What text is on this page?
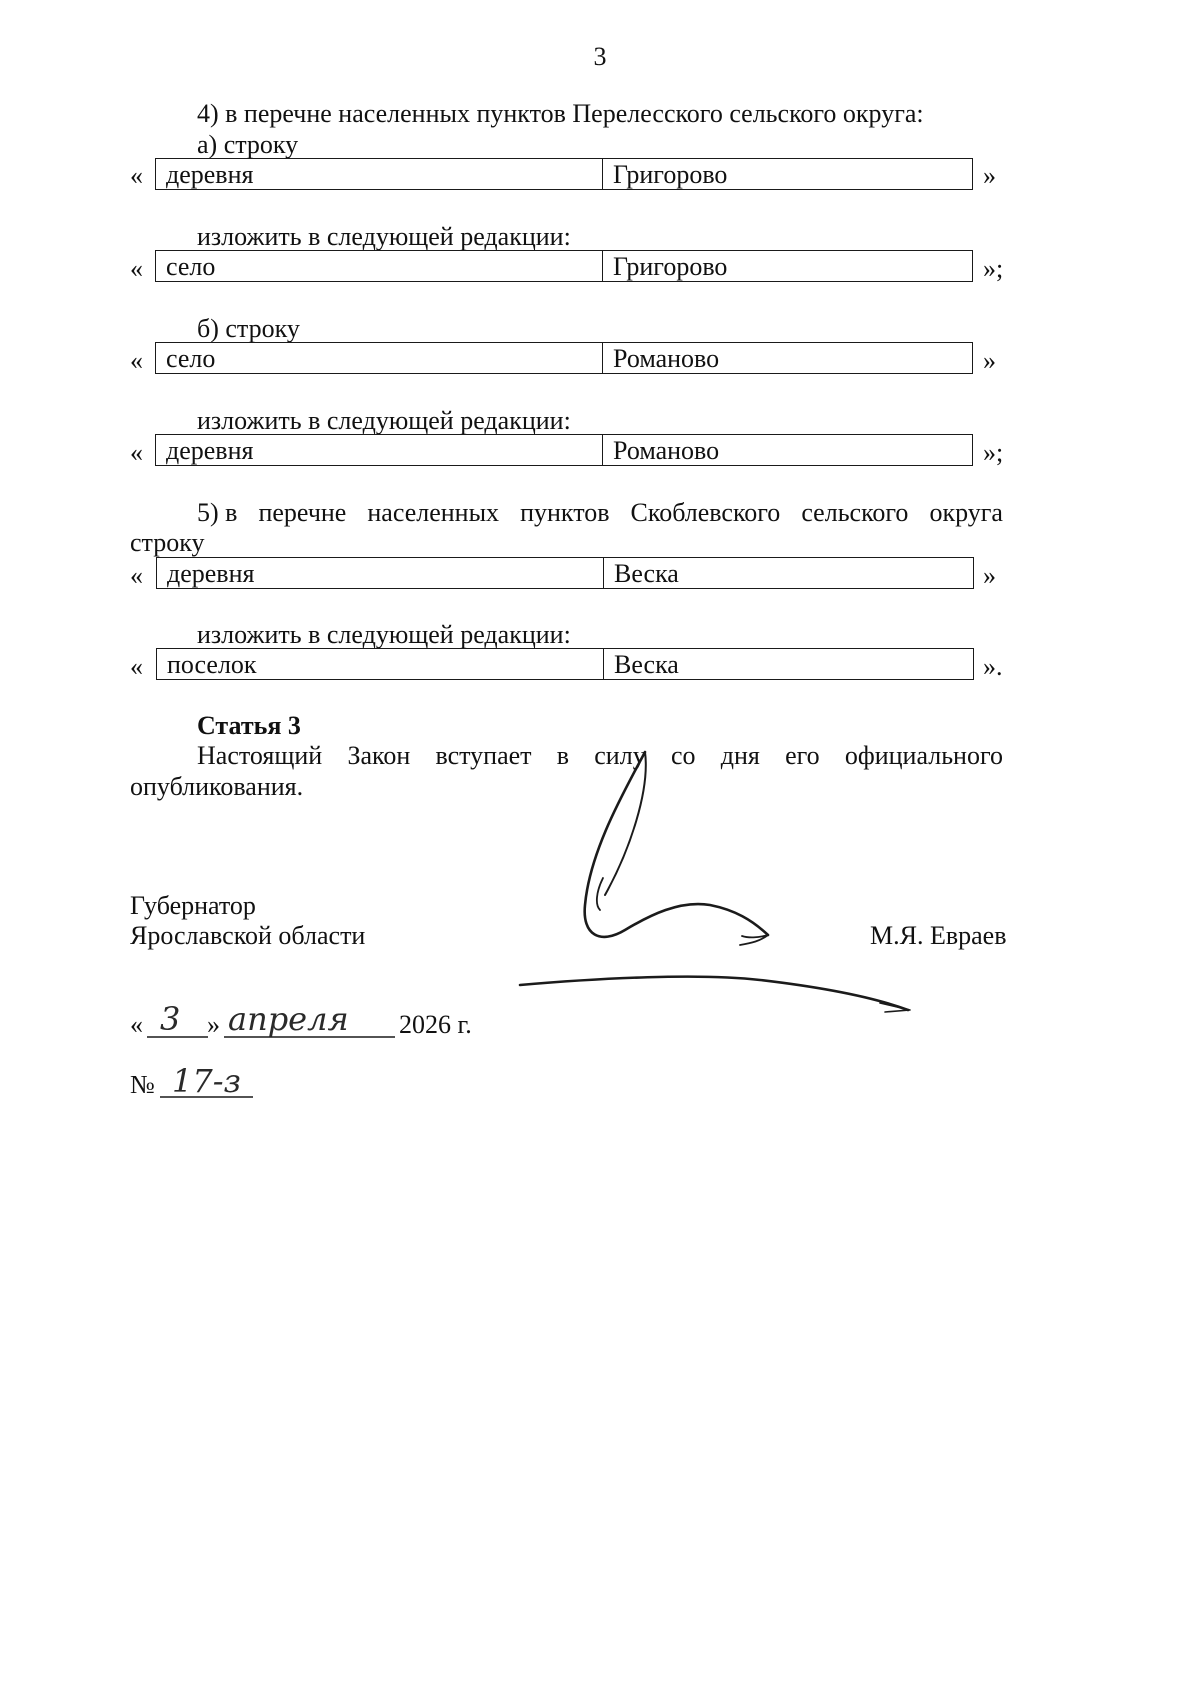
3
4) в перечне населенных пунктов Перелесского сельского округа:
а) строку
« деревня	Григорово	»
изложить в следующей редакции:
« село	Григорово	»;
б) строку
« село	Романово	»
изложить в следующей редакции:
« деревня	Романово	»;
5) в перечне населенных пунктов Скоблевского сельского округа
строку
« деревня	Веска	»
изложить в следующей редакции:
« поселок	Веска	».
Статья 3
Настоящий Закон вступает в силу со дня его официального
опубликования.
Губернатор
Ярославской области	М.Я. Евраев
« 3 » апреля 2026 г.
№ 17-з
